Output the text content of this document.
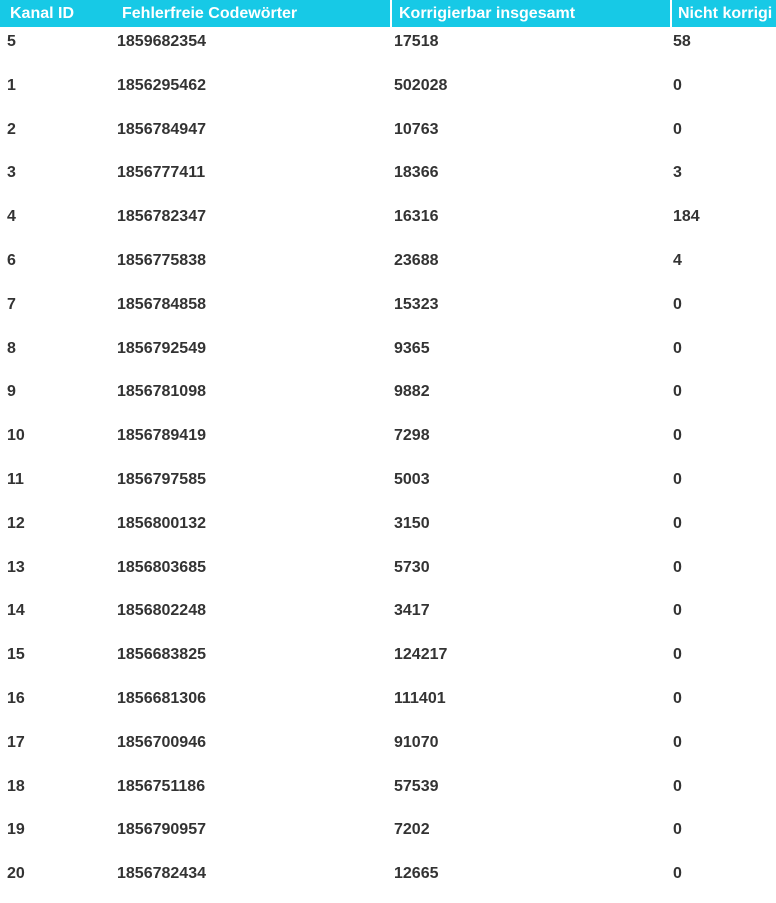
Kanal ID	Fehlerfreie Codewörter	Korrigierbar insgesamt	Nicht korrigi
5	1859682354	17518	58
1	1856295462	502028	0
2	1856784947	10763	0
3	1856777411	18366	3
4	1856782347	16316	184
6	1856775838	23688	4
7	1856784858	15323	0
8	1856792549	9365	0
9	1856781098	9882	0
10	1856789419	7298	0
11	1856797585	5003	0
12	1856800132	3150	0
13	1856803685	5730	0
14	1856802248	3417	0
15	1856683825	124217	0
16	1856681306	111401	0
17	1856700946	91070	0
18	1856751186	57539	0
19	1856790957	7202	0
20	1856782434	12665	0
